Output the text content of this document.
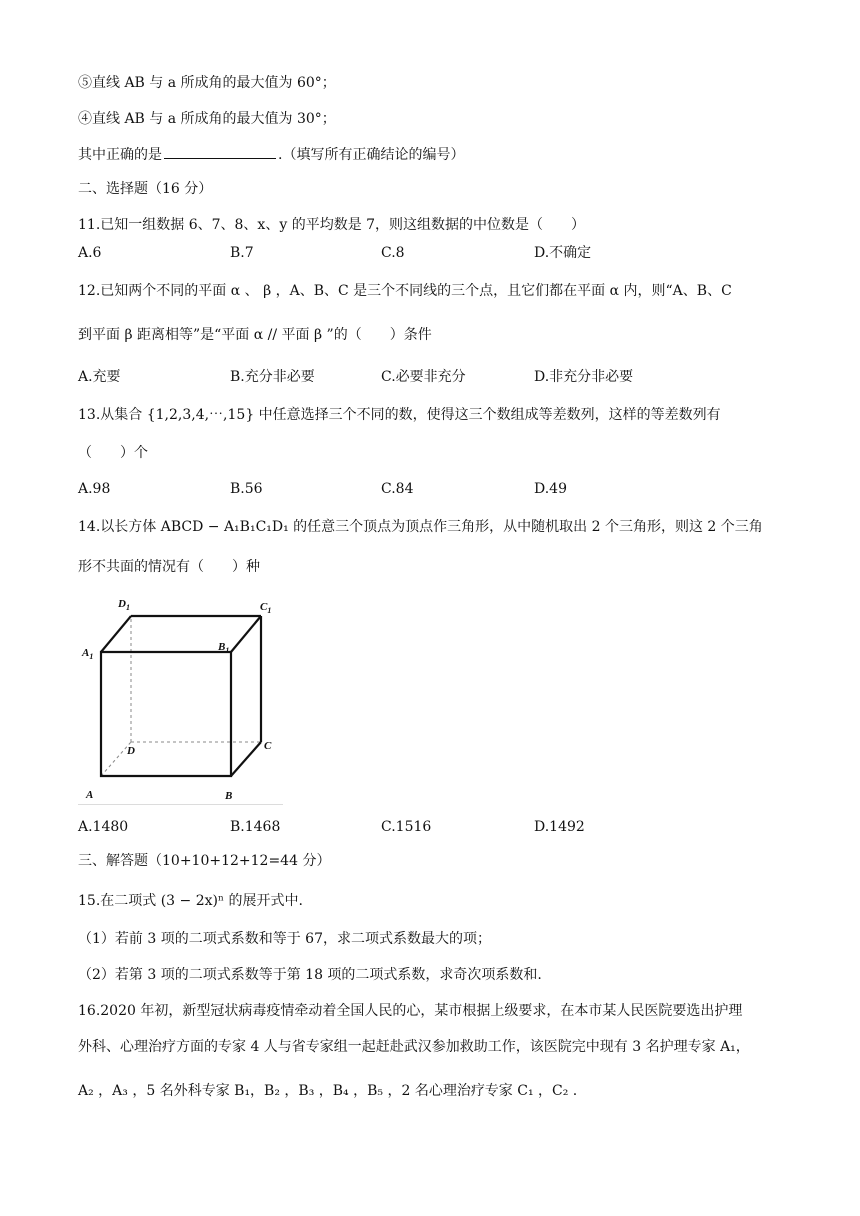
⑤直线 AB 与 a 所成角的最大值为 60°；
④直线 AB 与 a 所成角的最大值为 30°；
其中正确的是	.（填写所有正确结论的编号）
二、选择题（16 分）
11.已知一组数据 6、7、8、x、y 的平均数是 7，则这组数据的中位数是（　　）
A.6	B.7	C.8	D.不确定
12.已知两个不同的平面 α 、 β ，A、B、C 是三个不同线的三个点，且它们都在平面 α 内，则“A、B、C
到平面 β 距离相等”是“平面 α // 平面 β ”的（　　）条件
A.充要	B.充分非必要	C.必要非充分	D.非充分非必要
13.从集合 {1,2,3,4,⋯,15} 中任意选择三个不同的数，使得这三个数组成等差数列，这样的等差数列有
（　　）个
A.98	B.56	C.84	D.49
14.以长方体 ABCD − A₁B₁C₁D₁ 的任意三个顶点为顶点作三角形，从中随机取出 2 个三角形，则这 2 个三角
形不共面的情况有（　　）种
$D_1$	$C_1$
$A_1$
$B_1$
D	C
A	B
A.1480	B.1468	C.1516	D.1492
三、解答题（10+10+12+12=44 分）
15.在二项式 (3 − 2x)ⁿ 的展开式中.
（1）若前 3 项的二项式系数和等于 67，求二项式系数最大的项；
（2）若第 3 项的二项式系数等于第 18 项的二项式系数，求奇次项系数和.
16.2020 年初，新型冠状病毒疫情牵动着全国人民的心，某市根据上级要求，在本市某人民医院要选出护理
外科、心理治疗方面的专家 4 人与省专家组一起赶赴武汉参加救助工作，该医院完中现有 3 名护理专家 A₁，
A₂ ，A₃ ，5 名外科专家 B₁，B₂ ，B₃ ，B₄ ，B₅ ，2 名心理治疗专家 C₁ ，C₂ .
